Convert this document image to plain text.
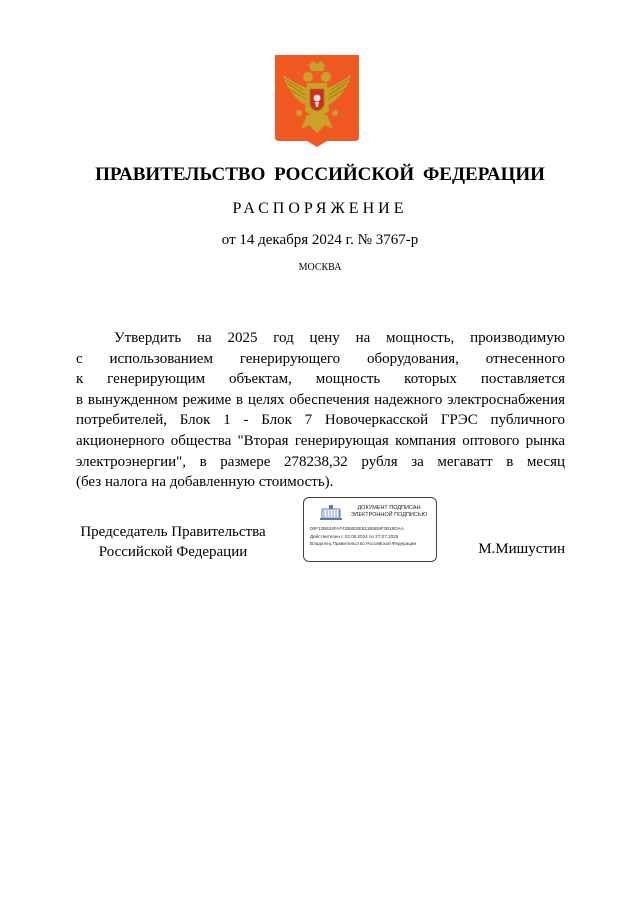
ПРАВИТЕЛЬСТВО РОССИЙСКОЙ ФЕДЕРАЦИИ
РАСПОРЯЖЕНИЕ
от 14 декабря 2024 г. № 3767-р
МОСКВА
Утвердить на 2025 год цену на мощность, производимую
с использованием генерирующего оборудования, отнесенного
к генерирующим объектам, мощность которых поставляется
в вынужденном режиме в целях обеспечения надежного электроснабжения
потребителей, Блок 1 - Блок 7 Новочеркасской ГРЭС публичного
акционерного общества "Вторая генерирующая компания оптового рынка
электроэнергии", в размере 278238,32 рубля за мегаватт в месяц
(без налога на добавленную стоимость).
Председатель Правительства
Российской Федерации
ДОКУМЕНТ ПОДПИСАН
ЭЛЕКТРОННОЙ ПОДПИСЬЮ
00F12B624FAF42B8E5EB11B6B9F2B16DAA
Действителен с 03.05.2024 по 27.07.2025
Владелец Правительство Российской Федерации	М.Мишустин
